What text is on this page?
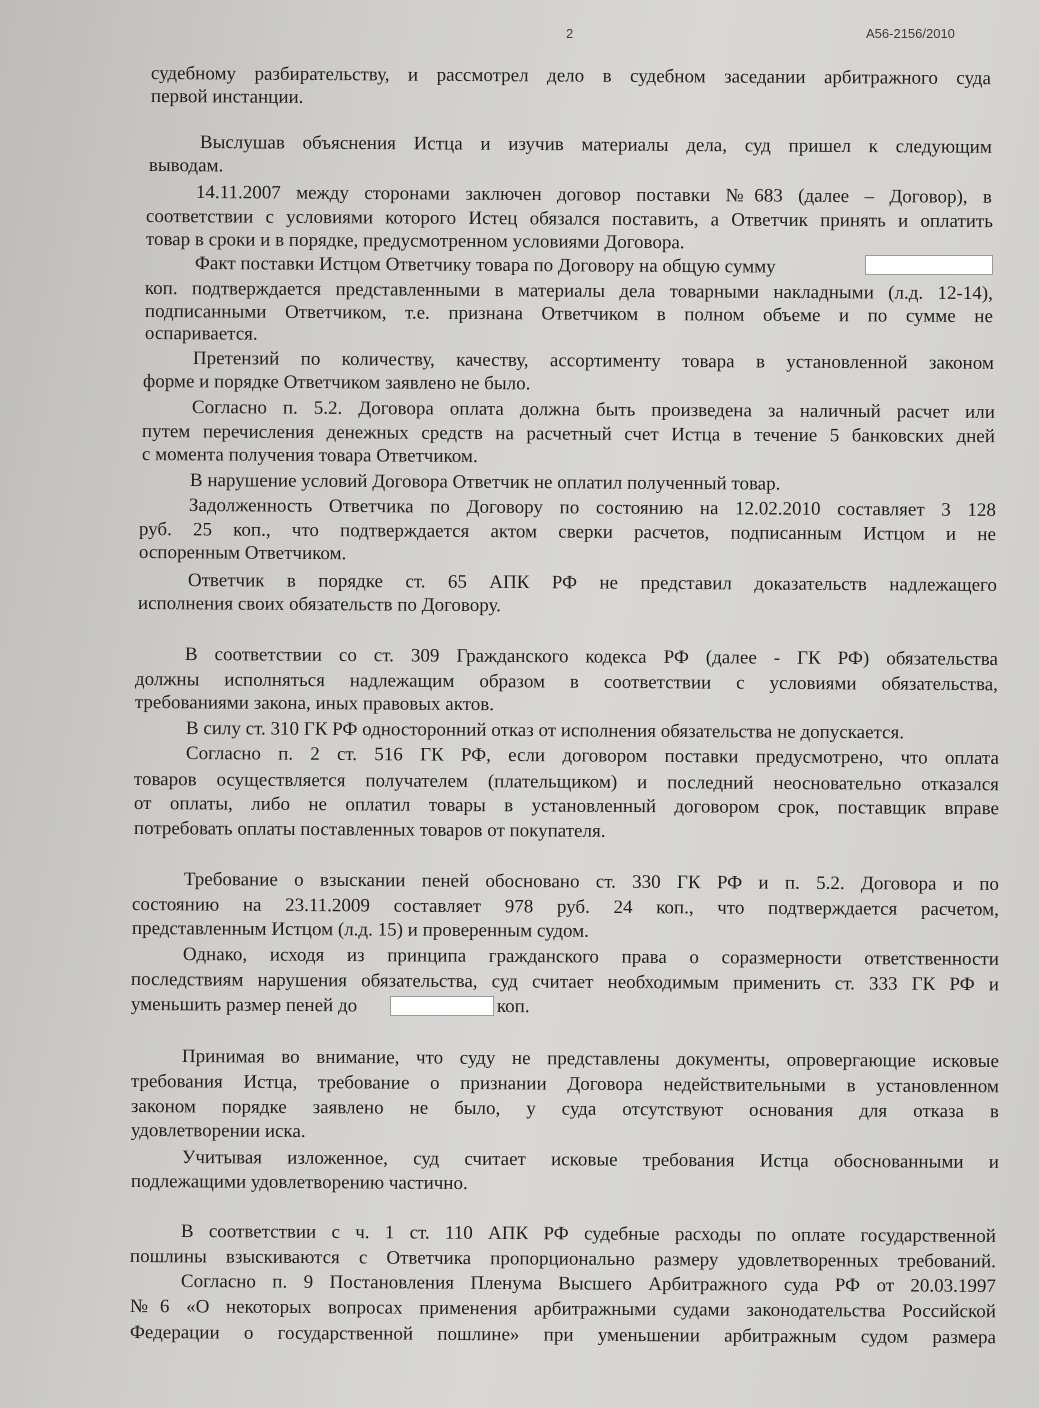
2	А56-2156/2010
судебному разбирательству, и рассмотрел дело в судебном заседании арбитражного суда
первой инстанции.
Выслушав объяснения Истца и изучив материалы дела, суд пришел к следующим
выводам.
14.11.2007 между сторонами заключен договор поставки №683 (далее – Договор), в
соответствии с условиями которого Истец обязался поставить, а Ответчик принять и оплатить
товар в сроки и в порядке, предусмотренном условиями Договора.
Факт поставки Истцом Ответчику товара по Договору на общую сумму
коп. подтверждается представленными в материалы дела товарными накладными (л.д. 12-14),
подписанными Ответчиком, т.е. признана Ответчиком в полном объеме и по сумме не
оспаривается.
Претензий по количеству, качеству, ассортименту товара в установленной законом
форме и порядке Ответчиком заявлено не было.
Согласно п. 5.2. Договора оплата должна быть произведена за наличный расчет или
путем перечисления денежных средств на расчетный счет Истца в течение 5 банковских дней
с момента получения товара Ответчиком.
В нарушение условий Договора Ответчик не оплатил полученный товар.
Задолженность Ответчика по Договору по состоянию на 12.02.2010 составляет 3 128
руб. 25 коп., что подтверждается актом сверки расчетов, подписанным Истцом и не
оспоренным Ответчиком.
Ответчик в порядке ст. 65 АПК РФ не представил доказательств надлежащего
исполнения своих обязательств по Договору.
В соответствии со ст. 309 Гражданского кодекса РФ (далее - ГК РФ) обязательства
должны исполняться надлежащим образом в соответствии с условиями обязательства,
требованиями закона, иных правовых актов.
В силу ст. 310 ГК РФ односторонний отказ от исполнения обязательства не допускается.
Согласно п. 2 ст. 516 ГК РФ, если договором поставки предусмотрено, что оплата
товаров осуществляется получателем (плательщиком) и последний неосновательно отказался
от оплаты, либо не оплатил товары в установленный договором срок, поставщик вправе
потребовать оплаты поставленных товаров от покупателя.
Требование о взыскании пеней обосновано ст. 330 ГК РФ и п. 5.2. Договора и по
состоянию на 23.11.2009 составляет 978 руб. 24 коп., что подтверждается расчетом,
представленным Истцом (л.д. 15) и проверенным судом.
Однако, исходя из принципа гражданского права о соразмерности ответственности
последствиям нарушения обязательства, суд считает необходимым применить ст. 333 ГК РФ и
уменьшить размер пеней до	коп.
Принимая во внимание, что суду не представлены документы, опровергающие исковые
требования Истца, требование о признании Договора недействительными в установленном
законом порядке заявлено не было, у суда отсутствуют основания для отказа в
удовлетворении иска.
Учитывая изложенное, суд считает исковые требования Истца обоснованными и
подлежащими удовлетворению частично.
В соответствии с ч. 1 ст. 110 АПК РФ судебные расходы по оплате государственной
пошлины взыскиваются с Ответчика пропорционально размеру удовлетворенных требований.
Согласно п. 9 Постановления Пленума Высшего Арбитражного суда РФ от 20.03.1997
№6 «О некоторых вопросах применения арбитражными судами законодательства Российской
Федерации о государственной пошлине» при уменьшении арбитражным судом размера
